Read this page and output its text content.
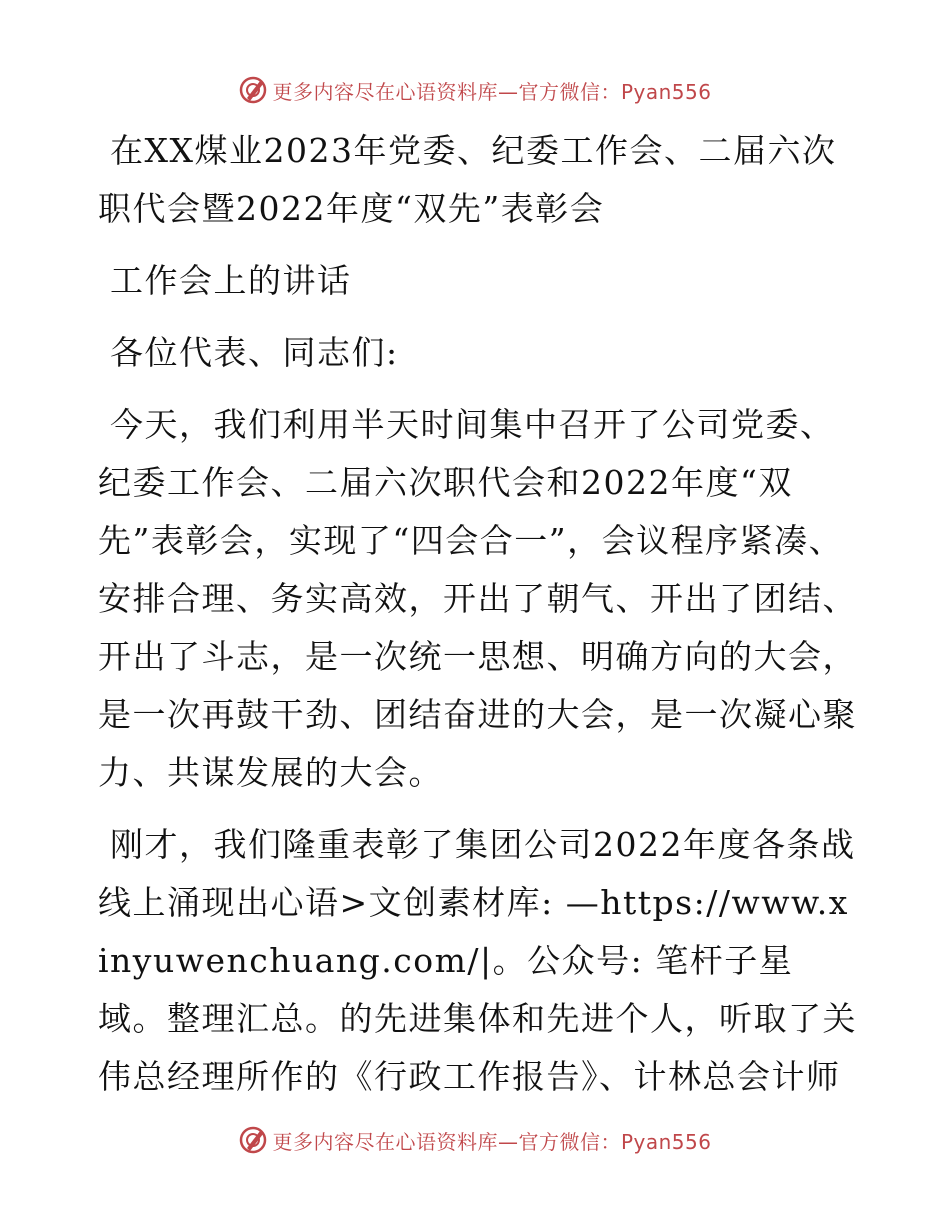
更多内容尽在心语资料库—官方微信：Pyan556

在XX煤业2023年党委、纪委工作会、二届六次职代会暨2022年度“双先”表彰会

工作会上的讲话

各位代表、同志们:

今天，我们利用半天时间集中召开了公司党委、纪委工作会、二届六次职代会和2022年度“双先”表彰会，实现了“四会合一”，会议程序紧凑、安排合理、务实高效，开出了朝气、开出了团结、开出了斗志，是一次统一思想、明确方向的大会，是一次再鼓干劲、团结奋进的大会，是一次凝心聚力、共谋发展的大会。

刚才，我们隆重表彰了集团公司2022年度各条战线上涌现出心语>文创素材库: —https://www.xinyuwenchuang.com/|。公众号: 笔杆子星域。整理汇总。的先进集体和先进个人，听取了关伟总经理所作的《行政工作报告》、计林总会计师

更多内容尽在心语资料库—官方微信：Pyan556
